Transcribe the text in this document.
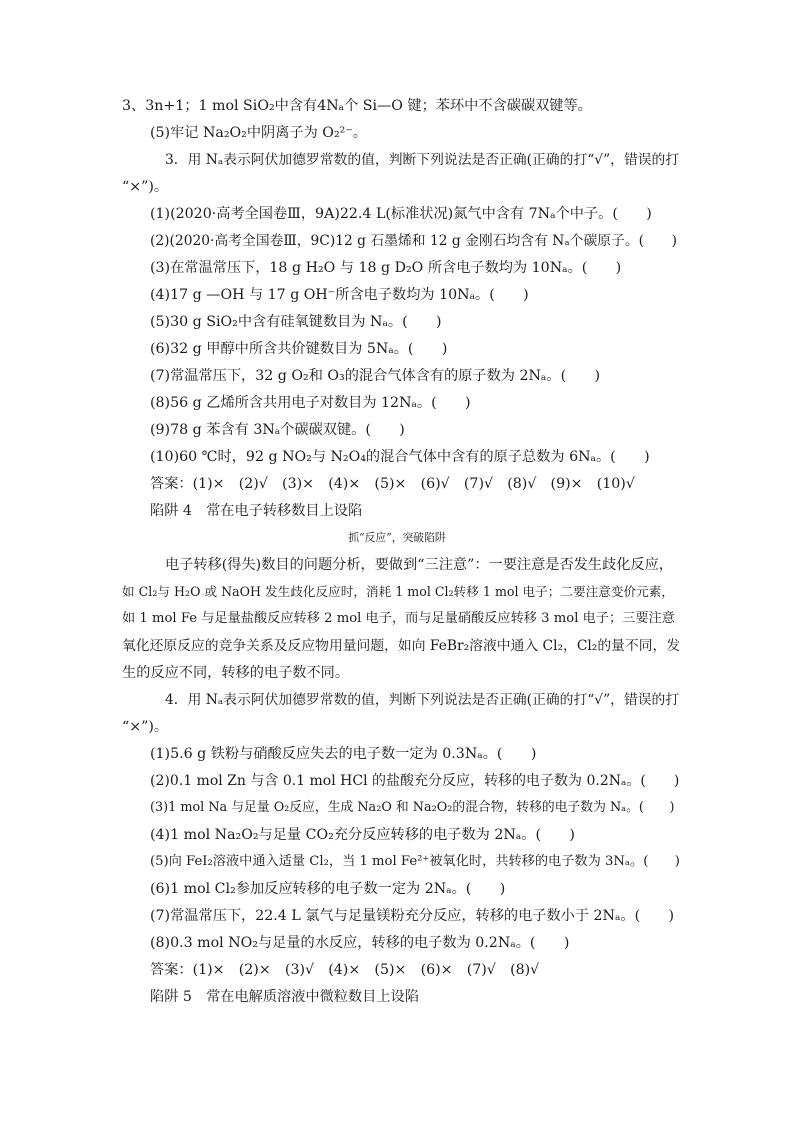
3、3n+1；1 mol SiO₂中含有4Nₐ个 Si—O 键；苯环中不含碳碳双键等。
(5)牢记 Na₂O₂中阴离子为 O₂²⁻。
3．用 Nₐ表示阿伏加德罗常数的值，判断下列说法是否正确(正确的打“√”，错误的打
“×”)。
(1)(2020·高考全国卷Ⅲ，9A)22.4 L(标准状况)氮气中含有 7Nₐ个中子。(　　)
(2)(2020·高考全国卷Ⅲ，9C)12 g 石墨烯和 12 g 金刚石均含有 Nₐ个碳原子。(　　)
(3)在常温常压下，18 g H₂O 与 18 g D₂O 所含电子数均为 10Nₐ。(　　)
(4)17 g —OH 与 17 g OH⁻所含电子数均为 10Nₐ。(　　)
(5)30 g SiO₂中含有硅氧键数目为 Nₐ。(　　)
(6)32 g 甲醇中所含共价键数目为 5Nₐ。(　　)
(7)常温常压下，32 g O₂和 O₃的混合气体含有的原子数为 2Nₐ。(　　)
(8)56 g 乙烯所含共用电子对数目为 12Nₐ。(　　)
(9)78 g 苯含有 3Nₐ个碳碳双键。(　　)
(10)60 ℃时，92 g NO₂与 N₂O₄的混合气体中含有的原子总数为 6Nₐ。(　　)
答案：(1)×　(2)√　(3)×　(4)×　(5)×　(6)√　(7)√　(8)√　(9)×　(10)√
陷阱 4　常在电子转移数目上设陷
抓“反应”，突破陷阱
电子转移(得失)数目的问题分析，要做到“三注意”：一要注意是否发生歧化反应，
如 Cl₂与 H₂O 或 NaOH 发生歧化反应时，消耗 1 mol Cl₂转移 1 mol 电子；二要注意变价元素，
如 1 mol Fe 与足量盐酸反应转移 2 mol 电子，而与足量硝酸反应转移 3 mol 电子；三要注意
氧化还原反应的竞争关系及反应物用量问题，如向 FeBr₂溶液中通入 Cl₂，Cl₂的量不同，发
生的反应不同，转移的电子数不同。
4．用 Nₐ表示阿伏加德罗常数的值，判断下列说法是否正确(正确的打“√”，错误的打
“×”)。
(1)5.6 g 铁粉与硝酸反应失去的电子数一定为 0.3Nₐ。(　　)
(2)0.1 mol Zn 与含 0.1 mol HCl 的盐酸充分反应，转移的电子数为 0.2Nₐ。(　　)
(3)1 mol Na 与足量 O₂反应，生成 Na₂O 和 Na₂O₂的混合物，转移的电子数为 Nₐ。(　　)
(4)1 mol Na₂O₂与足量 CO₂充分反应转移的电子数为 2Nₐ。(　　)
(5)向 FeI₂溶液中通入适量 Cl₂，当 1 mol Fe²⁺被氧化时，共转移的电子数为 3Nₐ。(　　)
(6)1 mol Cl₂参加反应转移的电子数一定为 2Nₐ。(　　)
(7)常温常压下，22.4 L 氯气与足量镁粉充分反应，转移的电子数小于 2Nₐ。(　　)
(8)0.3 mol NO₂与足量的水反应，转移的电子数为 0.2Nₐ。(　　)
答案：(1)×　(2)×　(3)√　(4)×　(5)×　(6)×　(7)√　(8)√
陷阱 5　常在电解质溶液中微粒数目上设陷
